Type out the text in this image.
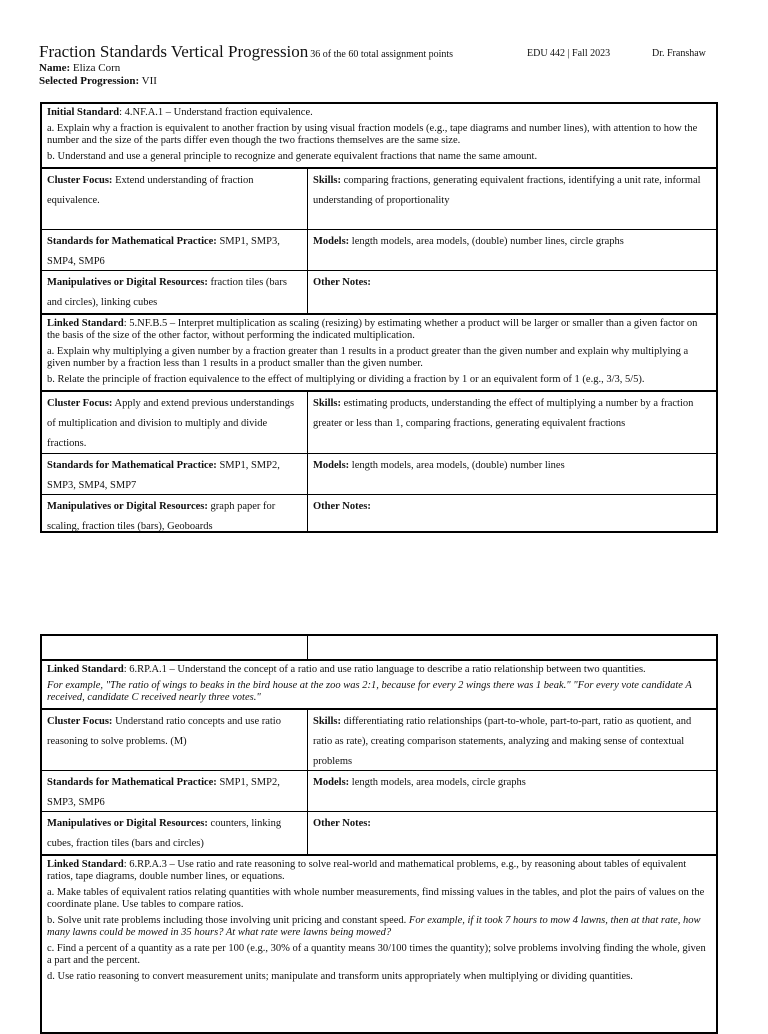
Fraction Standards Vertical Progression 36 of the 60 total assignment points	EDU 442 | Fall 2023	Dr. Franshaw
Name: Eliza Corn
Selected Progression: VII

Initial Standard: 4.NF.A.1 – Understand fraction equivalence.

a. Explain why a fraction is equivalent to another fraction by using visual fraction models (e.g., tape diagrams and number lines), with attention to how the number and the size of the parts differ even though the two fractions themselves are the same size.

b. Understand and use a general principle to recognize and generate equivalent fractions that name the same amount.

Cluster Focus: Extend understanding of fraction equivalence.
Skills: comparing fractions, generating equivalent fractions, identifying a unit rate, informal understanding of proportionality
Standards for Mathematical Practice: SMP1, SMP3, SMP4, SMP6
Models: length models, area models, (double) number lines, circle graphs
Manipulatives or Digital Resources: fraction tiles (bars and circles), linking cubes
Other Notes:

Linked Standard: 5.NF.B.5 – Interpret multiplication as scaling (resizing) by estimating whether a product will be larger or smaller than a given factor on the basis of the size of the other factor, without performing the indicated multiplication.

a. Explain why multiplying a given number by a fraction greater than 1 results in a product greater than the given number and explain why multiplying a given number by a fraction less than 1 results in a product smaller than the given number.

b. Relate the principle of fraction equivalence to the effect of multiplying or dividing a fraction by 1 or an equivalent form of 1 (e.g., 3/3, 5/5).

Cluster Focus: Apply and extend previous understandings of multiplication and division to multiply and divide fractions.
Skills: estimating products, understanding the effect of multiplying a number by a fraction greater or less than 1, comparing fractions, generating equivalent fractions
Standards for Mathematical Practice: SMP1, SMP2, SMP3, SMP4, SMP7
Models: length models, area models, (double) number lines
Manipulatives or Digital Resources: graph paper for scaling, fraction tiles (bars), Geoboards
Other Notes:

Linked Standard: 6.RP.A.1 – Understand the concept of a ratio and use ratio language to describe a ratio relationship between two quantities.

For example, "The ratio of wings to beaks in the bird house at the zoo was 2:1, because for every 2 wings there was 1 beak." "For every vote candidate A received, candidate C received nearly three votes."

Cluster Focus: Understand ratio concepts and use ratio reasoning to solve problems. (M)
Skills: differentiating ratio relationships (part-to-whole, part-to-part, ratio as quotient, and ratio as rate), creating comparison statements, analyzing and making sense of contextual problems
Standards for Mathematical Practice: SMP1, SMP2, SMP3, SMP6
Models: length models, area models, circle graphs
Manipulatives or Digital Resources: counters, linking cubes, fraction tiles (bars and circles)
Other Notes:

Linked Standard: 6.RP.A.3 – Use ratio and rate reasoning to solve real-world and mathematical problems, e.g., by reasoning about tables of equivalent ratios, tape diagrams, double number lines, or equations.

a. Make tables of equivalent ratios relating quantities with whole number measurements, find missing values in the tables, and plot the pairs of values on the coordinate plane. Use tables to compare ratios.

b. Solve unit rate problems including those involving unit pricing and constant speed. For example, if it took 7 hours to mow 4 lawns, then at that rate, how many lawns could be mowed in 35 hours? At what rate were lawns being mowed?

c. Find a percent of a quantity as a rate per 100 (e.g., 30% of a quantity means 30/100 times the quantity); solve problems involving finding the whole, given a part and the percent.

d. Use ratio reasoning to convert measurement units; manipulate and transform units appropriately when multiplying or dividing quantities.
